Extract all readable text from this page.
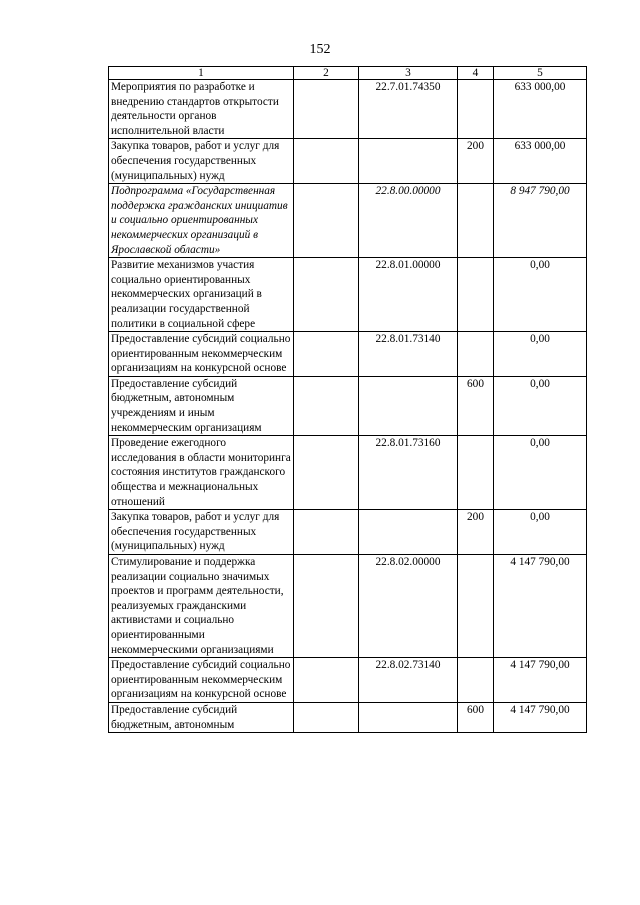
152
1	2	3	4	5
Мероприятия по разработке и внедрению стандартов открытости деятельности органов исполнительной власти		22.7.01.74350		633 000,00
Закупка товаров, работ и услуг для обеспечения государственных (муниципальных) нужд			200	633 000,00
Подпрограмма «Государственная поддержка гражданских инициатив и социально ориентированных некоммерческих организаций в Ярославской области»		22.8.00.00000		8 947 790,00
Развитие механизмов участия социально ориентированных некоммерческих организаций в реализации государственной политики в социальной сфере		22.8.01.00000		0,00
Предоставление субсидий социально ориентированным некоммерческим организациям на конкурсной основе		22.8.01.73140		0,00
Предоставление субсидий бюджетным, автономным учреждениям и иным некоммерческим организациям			600	0,00
Проведение ежегодного исследования в области мониторинга состояния институтов гражданского общества и межнациональных отношений		22.8.01.73160		0,00
Закупка товаров, работ и услуг для обеспечения государственных (муниципальных) нужд			200	0,00
Стимулирование и поддержка реализации социально значимых проектов и программ деятельности, реализуемых гражданскими активистами и социально ориентированными некоммерческими организациями		22.8.02.00000		4 147 790,00
Предоставление субсидий социально ориентированным некоммерческим организациям на конкурсной основе		22.8.02.73140		4 147 790,00
Предоставление субсидий бюджетным, автономным			600	4 147 790,00
